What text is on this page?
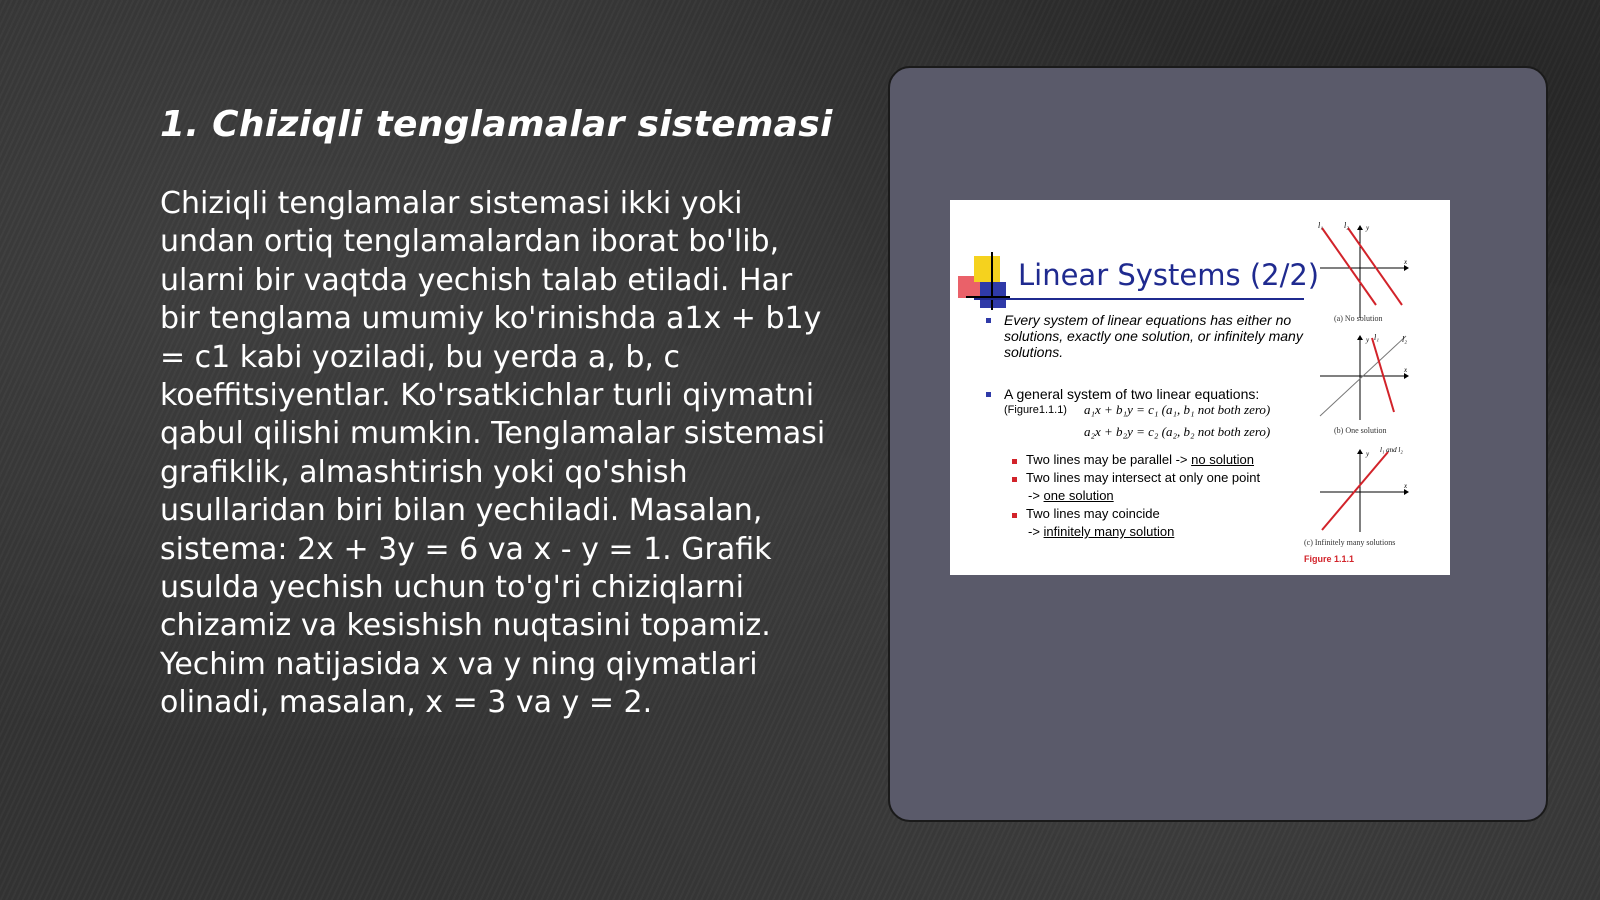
1. Chiziqli tenglamalar sistemasi

Chiziqli tenglamalar sistemasi ikki yoki undan ortiq tenglamalardan iborat bo'lib, ularni bir vaqtda yechish talab etiladi. Har bir tenglama umumiy ko'rinishda a1x + b1y = c1 kabi yoziladi, bu yerda a, b, c koeffitsiyentlar. Ko'rsatkichlar turli qiymatni qabul qilishi mumkin. Tenglamalar sistemasi grafiklik, almashtirish yoki qo'shish usullaridan biri bilan yechiladi. Masalan, sistema: 2x + 3y = 6 va x - y = 1. Grafik usulda yechish uchun to'g'ri chiziqlarni chizamiz va kesishish nuqtasini topamiz. Yechim natijasida x va y ning qiymatlari olinadi, masalan, x = 3 va y = 2.

Linear Systems (2/2)
Every system of linear equations has either no solutions, exactly one solution, or infinitely many solutions.
A general system of two linear equations:
(Figure1.1.1) a₁x + b₁y = c₁ (a₁, b₁ not both zero)
a₂x + b₂y = c₂ (a₂, b₂ not both zero)
Two lines may be parallel -> no solution
Two lines may intersect at only one point
-> one solution
Two lines may coincide
-> infinitely many solution
l₁	l₂ y
x
(a) No solution
l₁	l₂
y
x
(b) One solution
l₁ and l₂
y
x
(c) Infinitely many solutions
Figure 1.1.1
